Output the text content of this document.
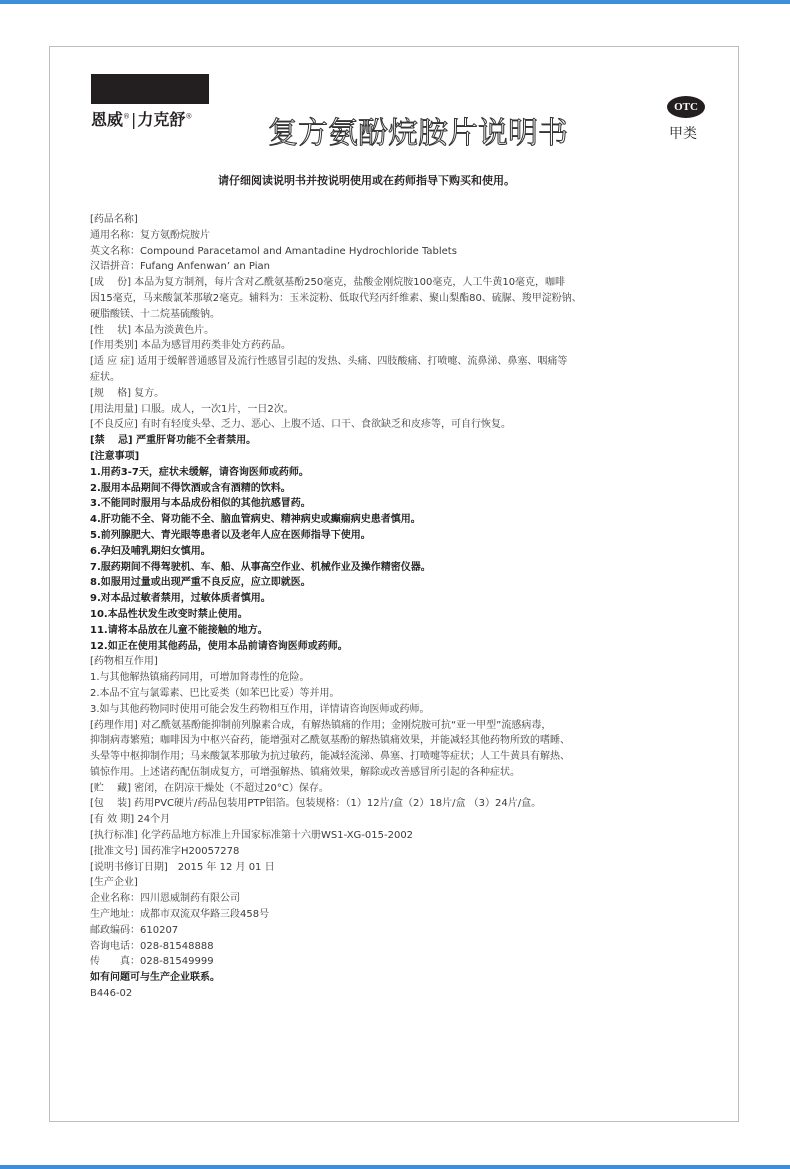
恩威®|力克舒®	复方氨酚烷胺片说明书
OTC
甲类
请仔细阅读说明书并按说明使用或在药师指导下购买和使用。
[药品名称]
通用名称：复方氨酚烷胺片
英文名称：Compound Paracetamol and Amantadine Hydrochloride Tablets
汉语拼音：Fufang Anfenwan’ an Pian
[成　 份] 本品为复方制剂，每片含对乙酰氨基酚250毫克，盐酸金刚烷胺100毫克，人工牛黄10毫克，咖啡
因15毫克，马来酸氯苯那敏2毫克。辅料为：玉米淀粉、低取代羟丙纤维素、聚山梨酯80、硫脲、羧甲淀粉钠、
硬脂酸镁、十二烷基硫酸钠。
[性　 状] 本品为淡黄色片。
[作用类别] 本品为感冒用药类非处方药药品。
[适 应 症] 适用于缓解普通感冒及流行性感冒引起的发热、头痛、四肢酸痛、打喷嚏、流鼻涕、鼻塞、咽痛等
症状。
[规　 格] 复方。
[用法用量] 口服。成人，一次1片，一日2次。
[不良反应] 有时有轻度头晕、乏力、恶心、上腹不适、口干、食欲缺乏和皮疹等，可自行恢复。
[禁　 忌] 严重肝肾功能不全者禁用。
[注意事项]
1.用药3-7天，症状未缓解，请咨询医师或药师。
2.服用本品期间不得饮酒或含有酒精的饮料。
3.不能同时服用与本品成份相似的其他抗感冒药。
4.肝功能不全、肾功能不全、脑血管病史、精神病史或癫痫病史患者慎用。
5.前列腺肥大、青光眼等患者以及老年人应在医师指导下使用。
6.孕妇及哺乳期妇女慎用。
7.服药期间不得驾驶机、车、船、从事高空作业、机械作业及操作精密仪器。
8.如服用过量或出现严重不良反应，应立即就医。
9.对本品过敏者禁用，过敏体质者慎用。
10.本品性状发生改变时禁止使用。
11.请将本品放在儿童不能接触的地方。
12.如正在使用其他药品，使用本品前请咨询医师或药师。
[药物相互作用]
1.与其他解热镇痛药同用，可增加肾毒性的危险。
2.本品不宜与氯霉素、巴比妥类（如苯巴比妥）等并用。
3.如与其他药物同时使用可能会发生药物相互作用，详情请咨询医师或药师。
[药理作用] 对乙酰氨基酚能抑制前列腺素合成，有解热镇痛的作用；金刚烷胺可抗“亚一甲型”流感病毒，
抑制病毒繁殖；咖啡因为中枢兴奋药，能增强对乙酰氨基酚的解热镇痛效果，并能减轻其他药物所致的嗜睡、
头晕等中枢抑制作用；马来酸氯苯那敏为抗过敏药，能减轻流涕、鼻塞、打喷嚏等症状；人工牛黄具有解热、
镇惊作用。上述诸药配伍制成复方，可增强解热、镇痛效果，解除或改善感冒所引起的各种症状。
[贮　 藏] 密闭，在阴凉干燥处（不超过20°C）保存。
[包　 装] 药用PVC硬片/药品包装用PTP铝箔。包装规格：（1）12片/盒（2）18片/盒 （3）24片/盒。
[有 效 期] 24个月
[执行标准] 化学药品地方标准上升国家标准第十六册WS1-XG-015-2002
[批准文号] 国药准字H20057278
[说明书修订日期]　2015 年 12 月 01 日
[生产企业]
企业名称：四川恩威制药有限公司
生产地址：成都市双流双华路三段458号
邮政编码：610207
咨询电话：028-81548888
传　　真：028-81549999
如有问题可与生产企业联系。
B446-02
